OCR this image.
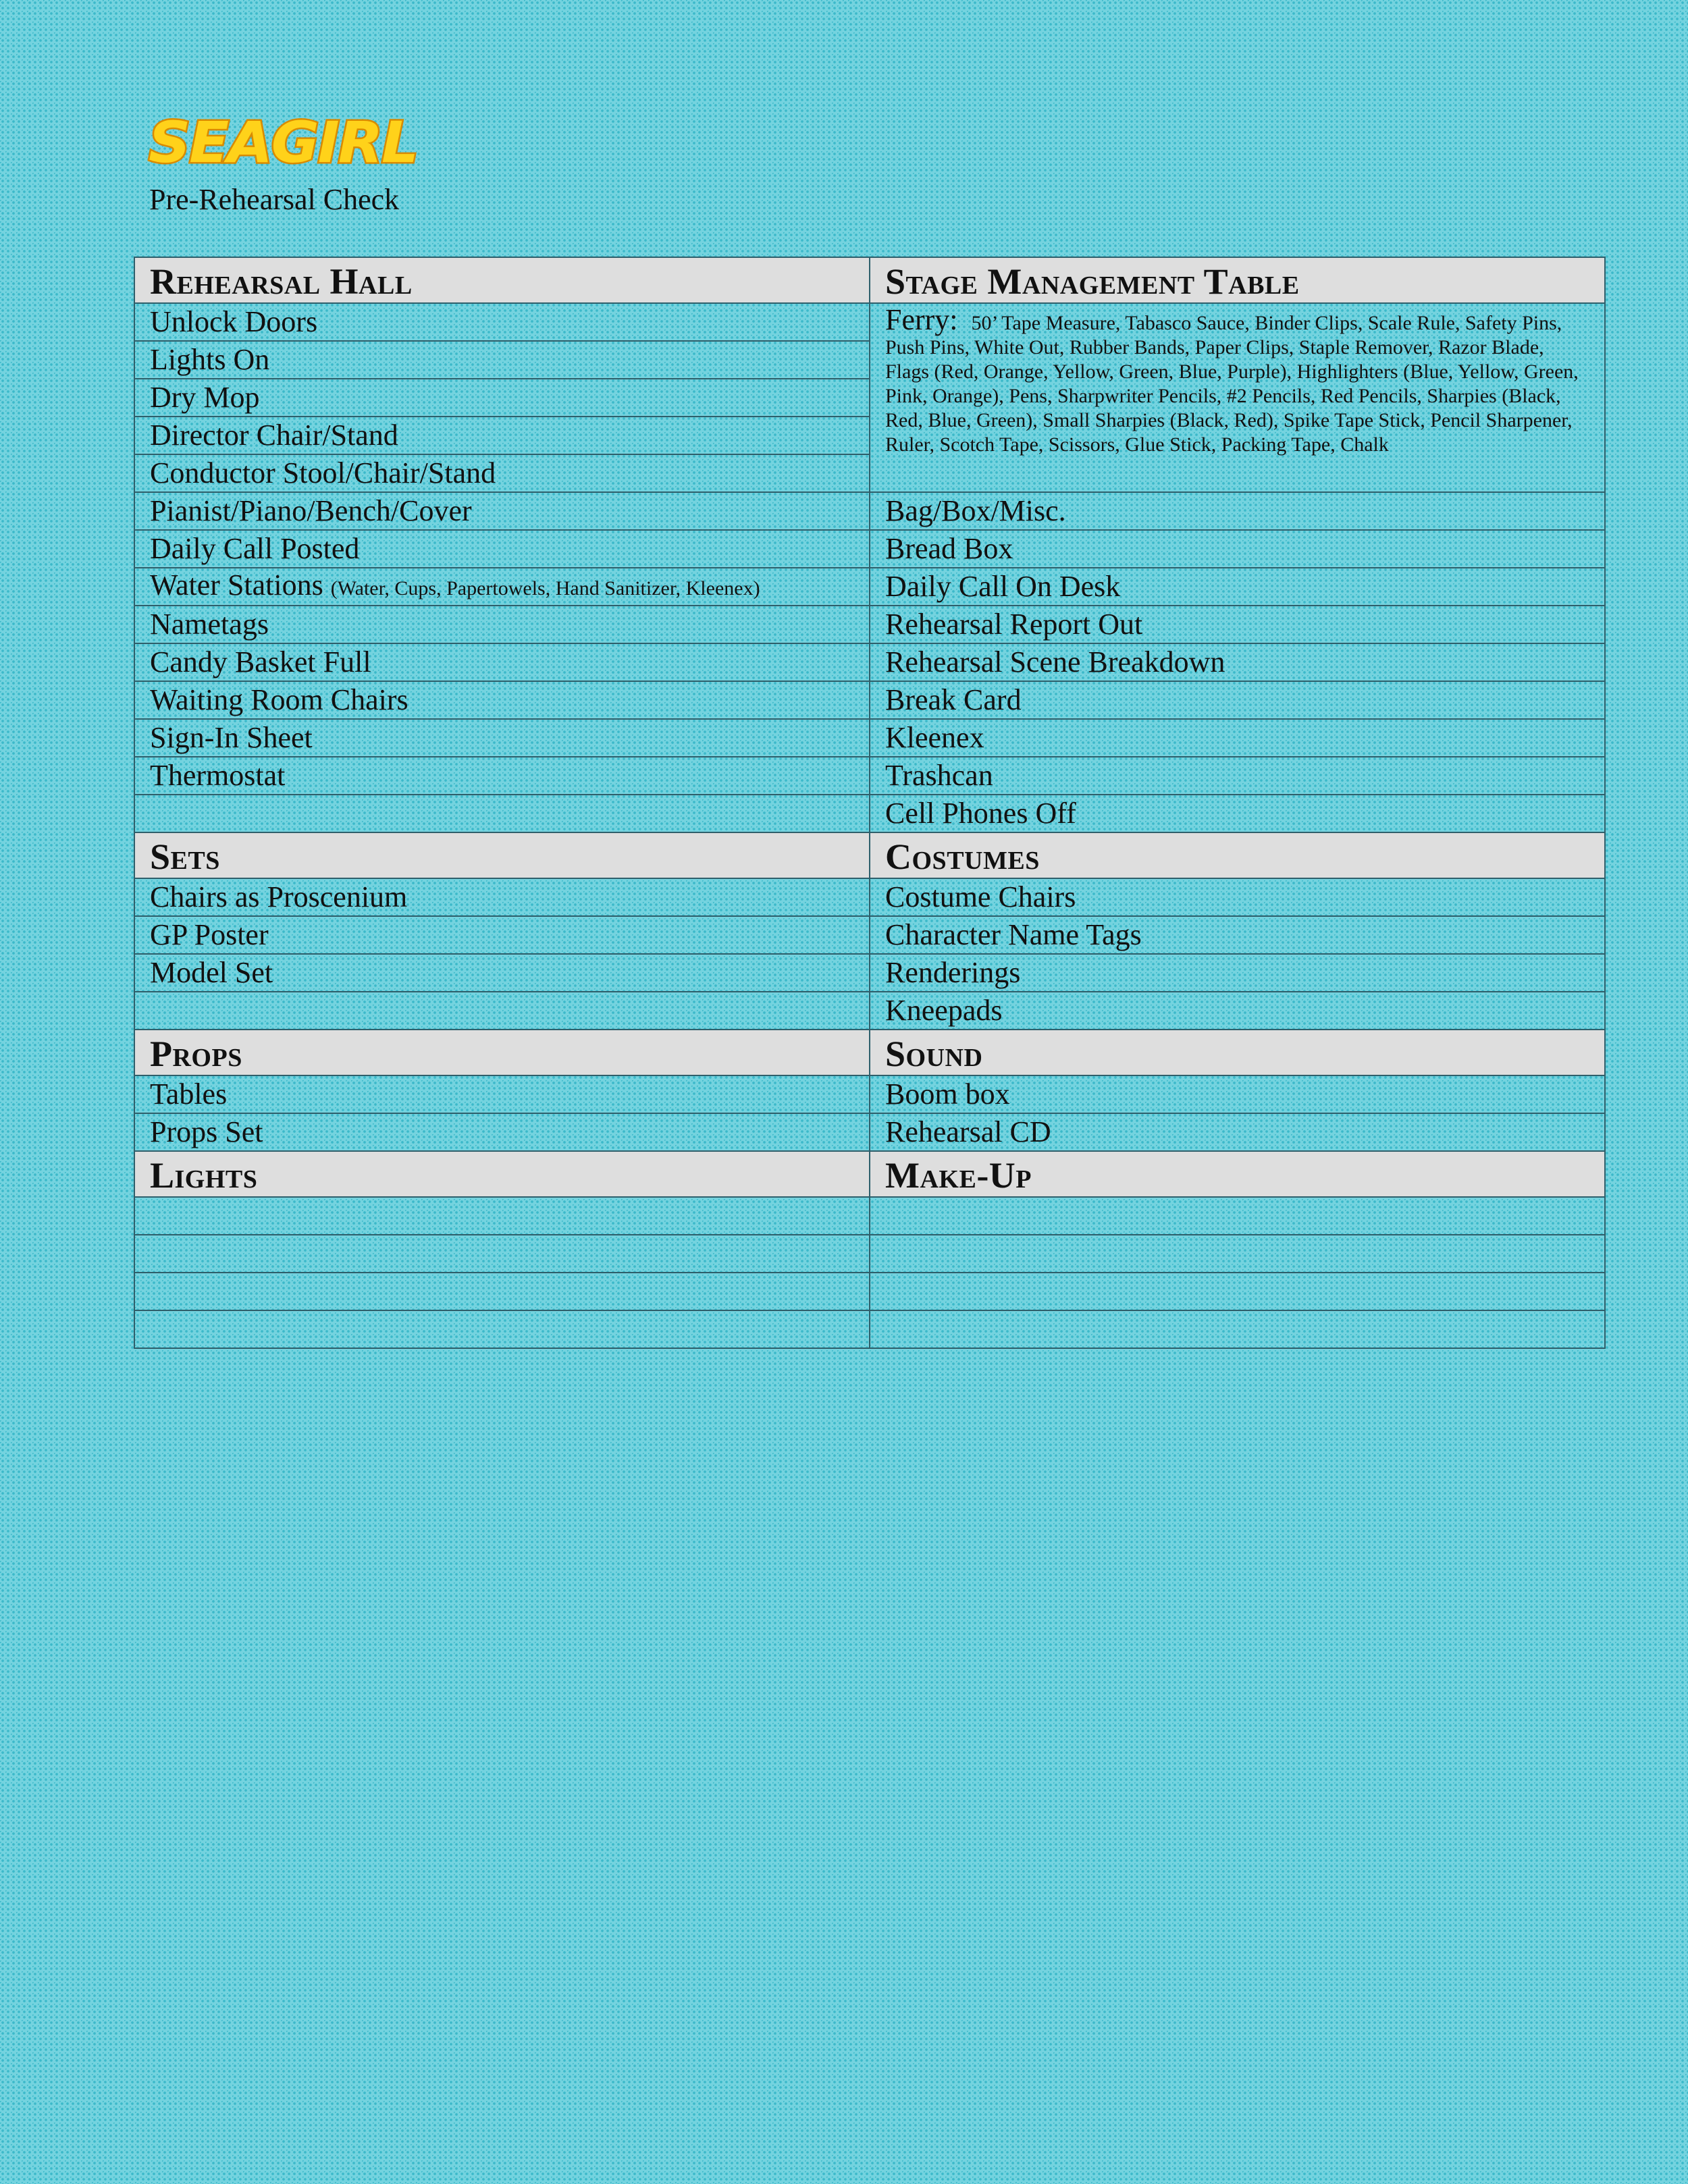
SEAGIRL
Pre-Rehearsal Check
Rehearsal Hall	Stage Management Table
Unlock Doors	Ferry: 50’ Tape Measure, Tabasco Sauce, Binder Clips, Scale Rule, Safety Pins, Push Pins, White Out, Rubber Bands, Paper Clips, Staple Remover, Razor Blade, Flags (Red, Orange, Yellow, Green, Blue, Purple), Highlighters (Blue, Yellow, Green, Pink, Orange), Pens, Sharpwriter Pencils, #2 Pencils, Red Pencils, Sharpies (Black, Red, Blue, Green), Small Sharpies (Black, Red), Spike Tape Stick, Pencil Sharpener, Ruler, Scotch Tape, Scissors, Glue Stick, Packing Tape, Chalk
Lights On	
Dry Mop	
Director Chair/Stand	
Conductor Stool/Chair/Stand	
Pianist/Piano/Bench/Cover	Bag/Box/Misc.
Daily Call Posted	Bread Box
Water Stations (Water, Cups, Papertowels, Hand Sanitizer, Kleenex)	Daily Call On Desk
Nametags	Rehearsal Report Out
Candy Basket Full	Rehearsal Scene Breakdown
Waiting Room Chairs	Break Card
Sign-In Sheet	Kleenex
Thermostat	Trashcan
	Cell Phones Off
Sets	Costumes
Chairs as Proscenium	Costume Chairs
GP Poster	Character Name Tags
Model Set	Renderings
	Kneepads
Props	Sound
Tables	Boom box
Props Set	Rehearsal CD
Lights	Make-Up
